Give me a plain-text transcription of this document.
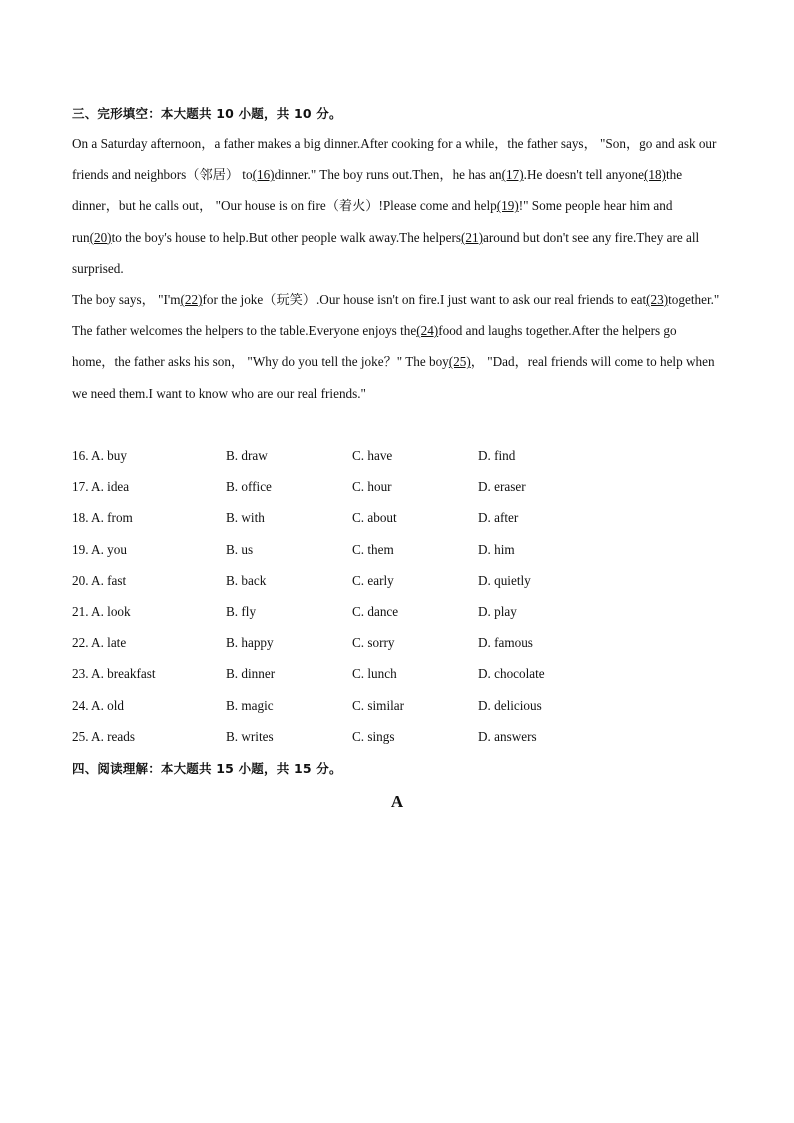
三、完形填空：本大题共 10 小题，共 10 分。

On a Saturday afternoon，a father makes a big dinner.After cooking for a while，the father says， "Son，go and ask our friends and neighbors（邻居） to(16)dinner." The boy runs out.Then，he has an(17).He doesn't tell anyone(18)the dinner，but he calls out， "Our house is on fire（着火）!Please come and help(19)!" Some people hear him and run(20)to the boy's house to help.But other people walk away.The helpers(21)around but don't see any fire.They are all surprised.

The boy says， "I'm(22)for the joke（玩笑）.Our house isn't on fire.I just want to ask our real friends to eat(23)together."

The father welcomes the helpers to the table.Everyone enjoys the(24)food and laughs together.After the helpers go home，the father asks his son， "Why do you tell the joke？" The boy(25)， "Dad，real friends will come to help when we need them.I want to know who are our real friends."

16. A. buy	B. draw	C. have	D. find
17. A. idea	B. office	C. hour	D. eraser
18. A. from	B. with	C. about	D. after
19. A. you	B. us	C. them	D. him
20. A. fast	B. back	C. early	D. quietly
21. A. look	B. fly	C. dance	D. play
22. A. late	B. happy	C. sorry	D. famous
23. A. breakfast	B. dinner	C. lunch	D. chocolate
24. A. old	B. magic	C. similar	D. delicious
25. A. reads	B. writes	C. sings	D. answers
四、阅读理解：本大题共 15 小题，共 15 分。
A
